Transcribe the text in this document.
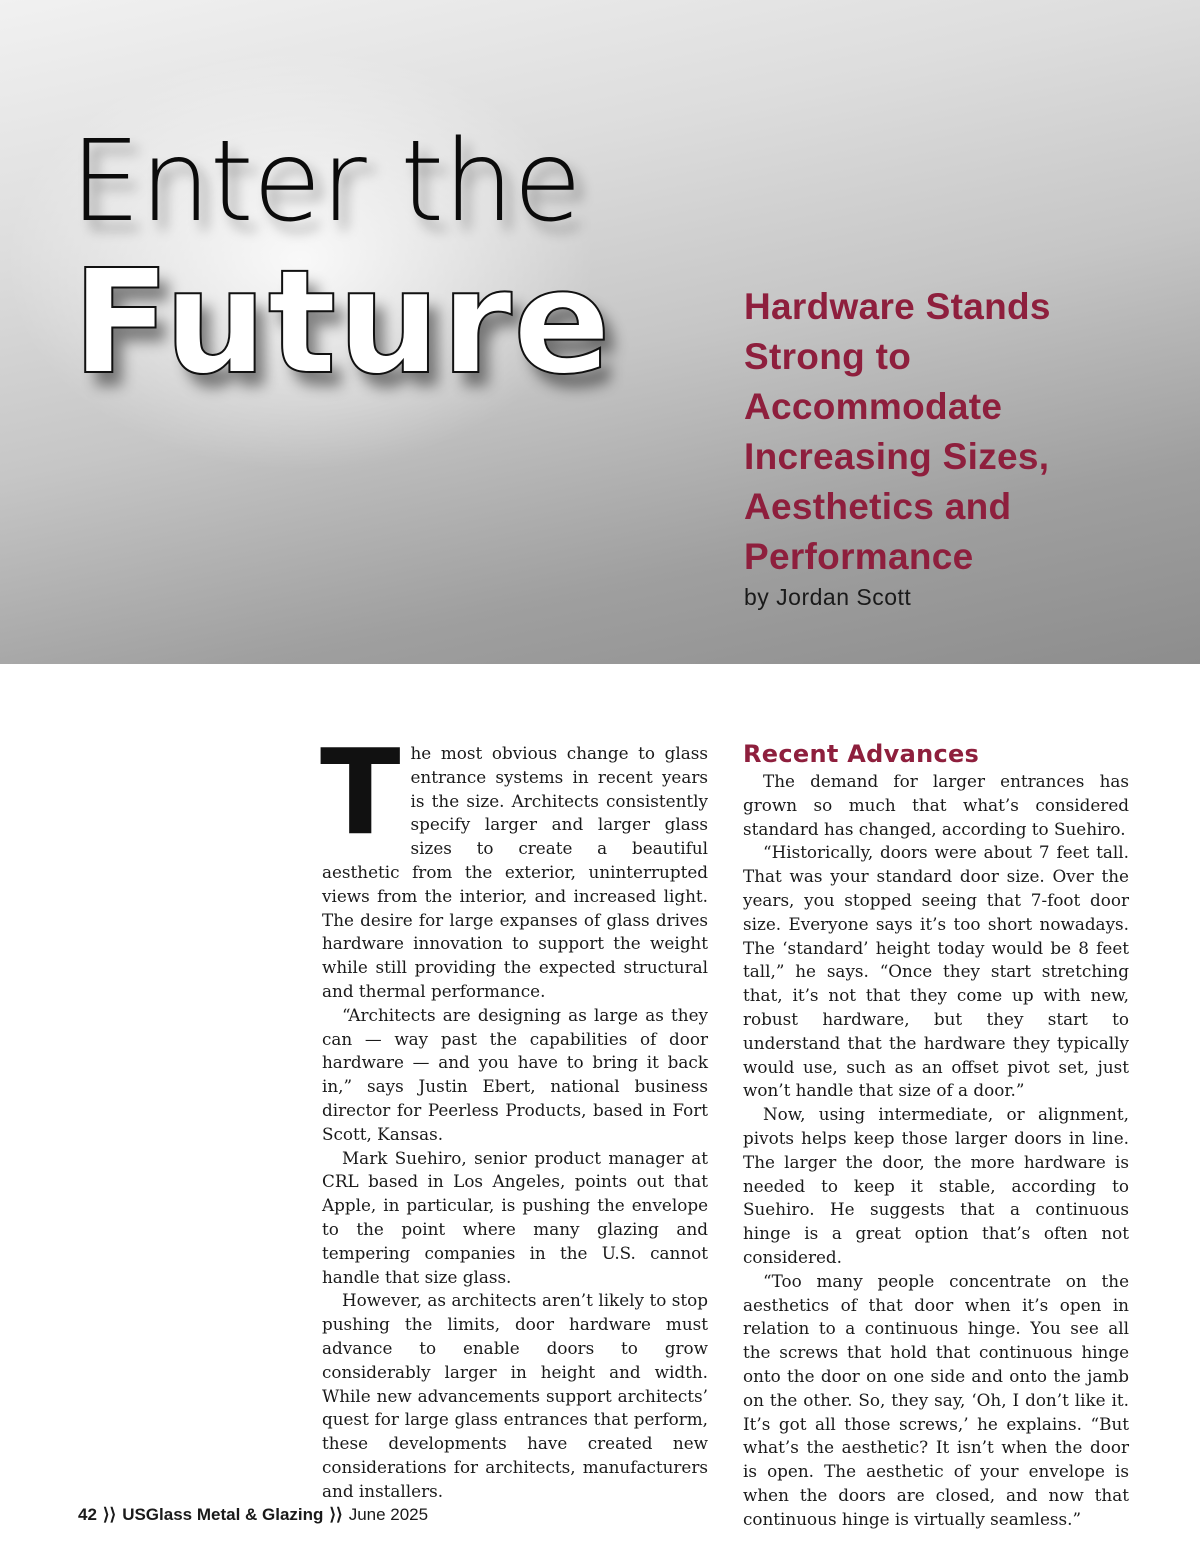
Enter the
Future	Hardware Stands Strong to Accommodate Increasing Sizes, Aesthetics and Performance

by Jordan Scott

The most obvious change to glass entrance systems in recent years is the size. Architects consistently specify larger and larger glass sizes to create a beautiful aesthetic from the exterior, uninterrupted views from the interior, and increased light. The desire for large expanses of glass drives hardware innovation to support the weight while still providing the expected structural and thermal performance.

“Architects are designing as large as they can — way past the capabilities of door hardware — and you have to bring it back in,” says Justin Ebert, national business director for Peerless Products, based in Fort Scott, Kansas.

Mark Suehiro, senior product manager at CRL based in Los Angeles, points out that Apple, in particular, is pushing the envelope to the point where many glazing and tempering companies in the U.S. cannot handle that size glass.

However, as architects aren’t likely to stop pushing the limits, door hardware must advance to enable doors to grow considerably larger in height and width. While new advancements support architects’ quest for large glass entrances that perform, these developments have created new considerations for architects, manufacturers and installers.

Recent Advances

The demand for larger entrances has grown so much that what’s considered standard has changed, according to Suehiro.

“Historically, doors were about 7 feet tall. That was your standard door size. Over the years, you stopped seeing that 7-foot door size. Everyone says it’s too short nowadays. The ‘standard’ height today would be 8 feet tall,” he says. “Once they start stretching that, it’s not that they come up with new, robust hardware, but they start to understand that the hardware they typically would use, such as an offset pivot set, just won’t handle that size of a door.”

Now, using intermediate, or alignment, pivots helps keep those larger doors in line. The larger the door, the more hardware is needed to keep it stable, according to Suehiro. He suggests that a continuous hinge is a great option that’s often not considered.

“Too many people concentrate on the aesthetics of that door when it’s open in relation to a continuous hinge. You see all the screws that hold that continuous hinge onto the door on one side and onto the jamb on the other. So, they say, ‘Oh, I don’t like it. It’s got all those screws,’ he explains. “But what’s the aesthetic? It isn’t when the door is open. The aesthetic of your envelope is when the doors are closed, and now that continuous hinge is virtually seamless.”

42 ⟩⟩ USGlass Metal & Glazing ⟩⟩ June 2025
